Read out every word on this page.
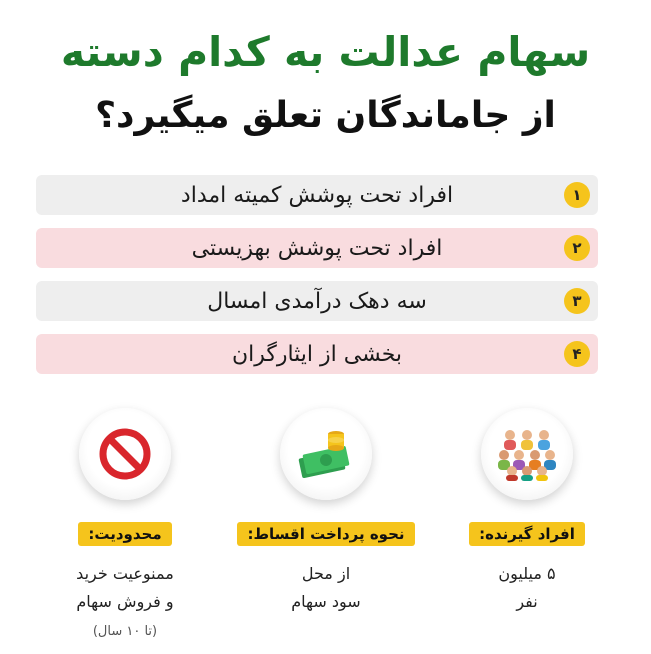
سهام عدالت به کدام دسته
از جاماندگان تعلق میگیرد؟
۱
افراد تحت پوشش کمیته امداد
۲
افراد تحت پوشش بهزیستی
۳
سه دهک درآمدی امسال
۴
بخشی از ایثارگران
افراد گیرنده:
۵ میلیون
نفر
نحوه پرداخت اقساط:
از محل
سود سهام
محدودیت:
ممنوعیت خرید
و فروش سهام
(تا ۱۰ سال)
